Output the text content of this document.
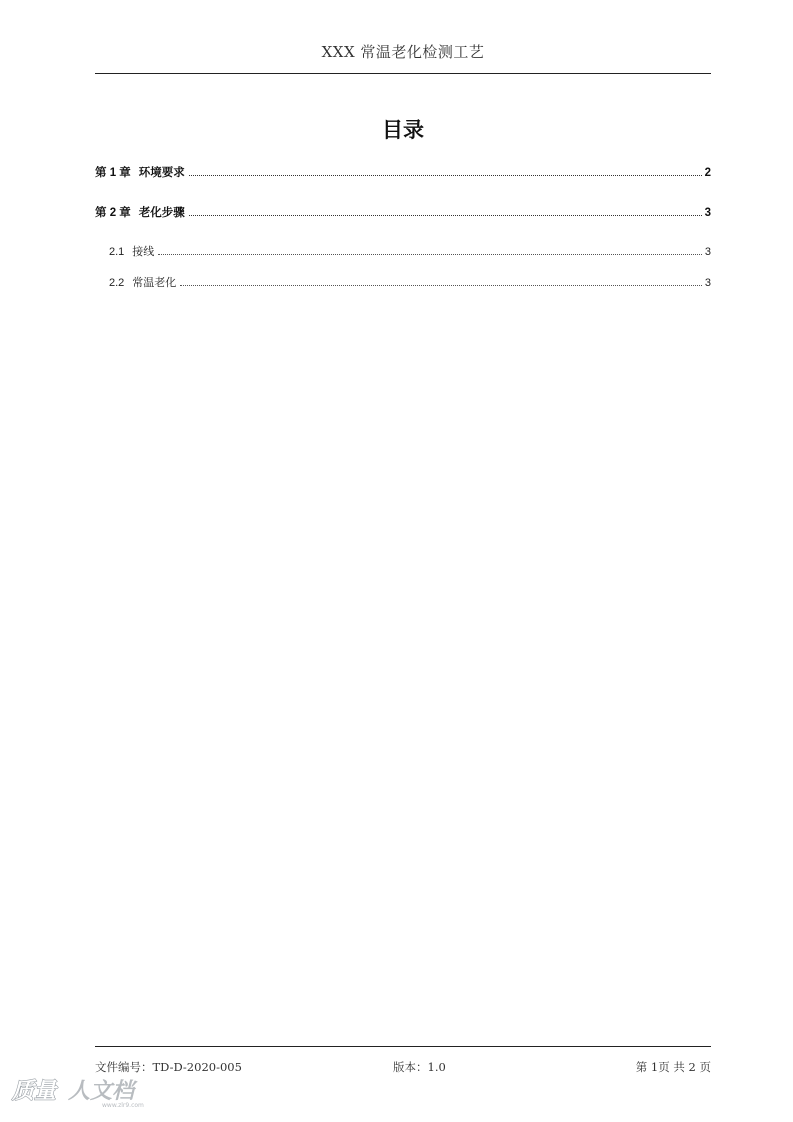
XXX 常温老化检测工艺
目录
第 1 章 环境要求	2
第 2 章 老化步骤	3
2.1 接线	3
2.2 常温老化	3
文件编号：TD-D-2020-005	版本：1.0	第 1页 共 2 页
质量 人文档
www.zlr9.com
